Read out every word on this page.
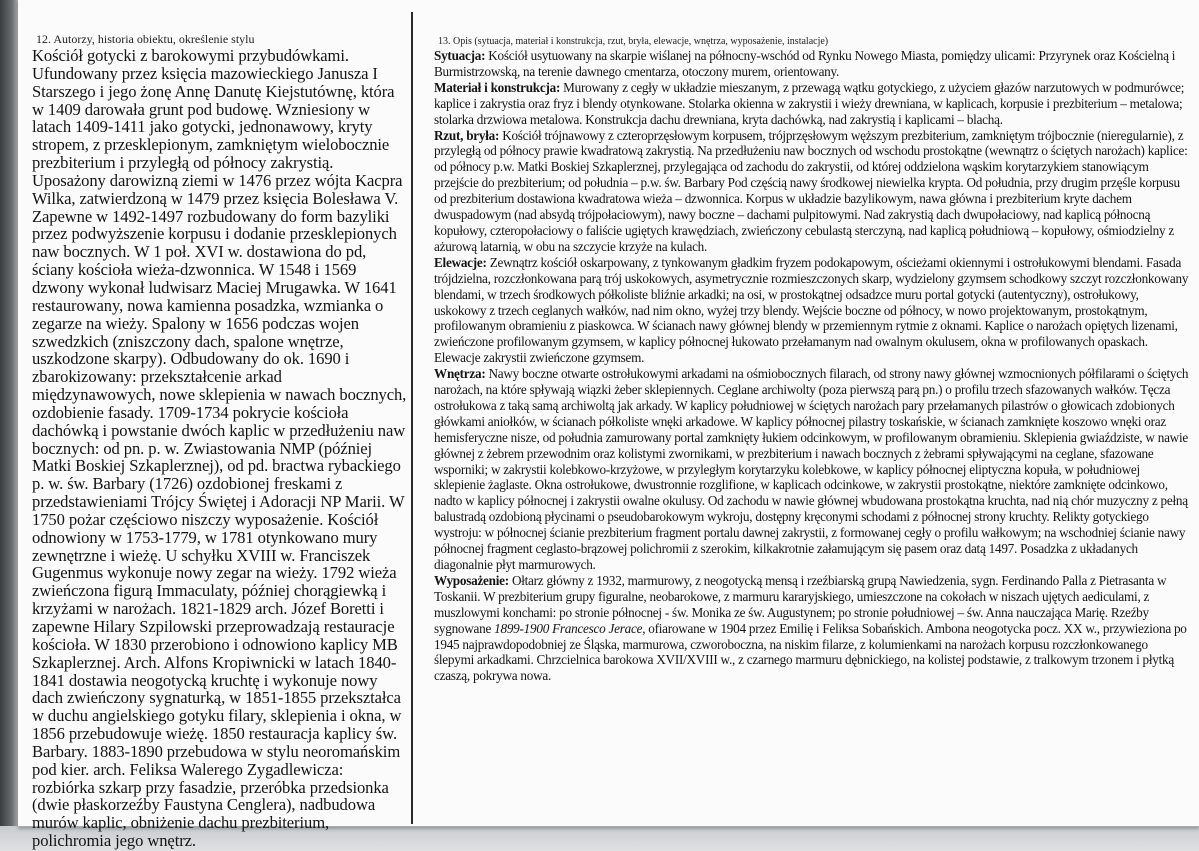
12. Autorzy, historia obiektu, określenie stylu

Kościół gotycki z barokowymi przybudówkami. Ufundowany przez księcia mazowieckiego Janusza I Starszego i jego żonę Annę Danutę Kiejstutównę, która w 1409 darowała grunt pod budowę. Wzniesiony w latach 1409-1411 jako gotycki, jednonawowy, kryty stropem, z przesklepionym, zamkniętym wielobocznie prezbiterium i przyległą od północy zakrystią. Uposażony darowizną ziemi w 1476 przez wójta Kacpra Wilka, zatwierdzoną w 1479 przez księcia Bolesława V. Zapewne w 1492-1497 rozbudowany do form bazyliki przez podwyższenie korpusu i dodanie przesklepionych naw bocznych. W 1 poł. XVI w. dostawiona do pd, ściany kościoła wieża-dzwonnica. W 1548 i 1569 dzwony wykonał ludwisarz Maciej Mrugawka. W 1641 restaurowany, nowa kamienna posadzka, wzmianka o zegarze na wieży. Spalony w 1656 podczas wojen szwedzkich (zniszczony dach, spalone wnętrze, uszkodzone skarpy). Odbudowany do ok. 1690 i zbarokizowany: przekształcenie arkad międzynawowych, nowe sklepienia w nawach bocznych, ozdobienie fasady. 1709-1734 pokrycie kościoła dachówką i powstanie dwóch kaplic w przedłużeniu naw bocznych: od pn. p. w. Zwiastowania NMP (później Matki Boskiej Szkaplerznej), od pd. bractwa rybackiego p. w. św. Barbary (1726) ozdobionej freskami z przedstawieniami Trójcy Świętej i Adoracji NP Marii. W 1750 pożar częściowo niszczy wyposażenie. Kościół odnowiony w 1753-1779, w 1781 otynkowano mury zewnętrzne i wieżę. U schyłku XVIII w. Franciszek Gugenmus wykonuje nowy zegar na wieży. 1792 wieża zwieńczona figurą Immaculaty, później chorągiewką i krzyżami w narożach. 1821-1829 arch. Józef Boretti i zapewne Hilary Szpilowski przeprowadzają restauracje kościoła. W 1830 przerobiono i odnowiono kaplicy MB Szkaplerznej. Arch. Alfons Kropiwnicki w latach 1840-1841 dostawia neogotycką kruchtę i wykonuje nowy dach zwieńczony sygnaturką, w 1851-1855 przekształca w duchu angielskiego gotyku filary, sklepienia i okna, w 1856 przebudowuje wieżę. 1850 restauracja kaplicy św. Barbary. 1883-1890 przebudowa w stylu neoromańskim pod kier. arch. Feliksa Walerego Zygadlewicza: rozbiórka szkarp przy fasadzie, przeróbka przedsionka (dwie płaskorzeźby Faustyna Cenglera), nadbudowa murów kaplic, obniżenie dachu prezbiterium, polichromia jego wnętrz.

13. Opis (sytuacja, materiał i konstrukcja, rzut, bryła, elewacje, wnętrza, wyposażenie, instalacje)

Sytuacja: Kościół usytuowany na skarpie wiślanej na północny-wschód od Rynku Nowego Miasta, pomiędzy ulicami: Przyrynek oraz Kościelną i Burmistrzowską, na terenie dawnego cmentarza, otoczony murem, orientowany.

Materiał i konstrukcja: Murowany z cegły w układzie mieszanym, z przewagą wątku gotyckiego, z użyciem głazów narzutowych w podmurówce; kaplice i zakrystia oraz fryz i blendy otynkowane. Stolarka okienna w zakrystii i wieży drewniana, w kaplicach, korpusie i prezbiterium – metalowa; stolarka drzwiowa metalowa. Konstrukcja dachu drewniana, kryta dachówką, nad zakrystią i kaplicami – blachą.

Rzut, bryła: Kościół trójnawowy z czteroprzęsłowym korpusem, trójprzęsłowym węższym prezbiterium, zamkniętym trójbocznie (nieregularnie), z przyległą od północy prawie kwadratową zakrystią. Na przedłużeniu naw bocznych od wschodu prostokątne (wewnątrz o ściętych narożach) kaplice: od północy p.w. Matki Boskiej Szkaplerznej, przylegająca od zachodu do zakrystii, od której oddzielona wąskim korytarzykiem stanowiącym przejście do prezbiterium; od południa – p.w. św. Barbary Pod częścią nawy środkowej niewielka krypta. Od południa, przy drugim przęśle korpusu od prezbiterium dostawiona kwadratowa wieża – dzwonnica. Korpus w układzie bazylikowym, nawa główna i prezbiterium kryte dachem dwuspadowym (nad absydą trójpołaciowym), nawy boczne – dachami pulpitowymi. Nad zakrystią dach dwupołaciowy, nad kaplicą północną kopułowy, czteropołaciowy o faliście ugiętych krawędziach, zwieńczony cebulastą sterczyną, nad kaplicą południową – kopułowy, ośmiodzielny z ażurową latarnią, w obu na szczycie krzyże na kulach.

Elewacje: Zewnątrz kościół oskarpowany, z tynkowanym gładkim fryzem podokapowym, ościeżami okiennymi i ostrołukowymi blendami. Fasada trójdzielna, rozczłonkowana parą trój uskokowych, asymetrycznie rozmieszczonych skarp, wydzielony gzymsem schodkowy szczyt rozczłonkowany blendami, w trzech środkowych półkoliste bliźnie arkadki; na osi, w prostokątnej odsadzce muru portal gotycki (autentyczny), ostrołukowy, uskokowy z trzech ceglanych wałków, nad nim okno, wyżej trzy blendy. Wejście boczne od północy, w nowo projektowanym, prostokątnym, profilowanym obramieniu z piaskowca. W ścianach nawy głównej blendy w przemiennym rytmie z oknami. Kaplice o narożach opiętych lizenami, zwieńczone profilowanym gzymsem, w kaplicy północnej łukowato przełamanym nad owalnym okulusem, okna w profilowanych opaskach. Elewacje zakrystii zwieńczone gzymsem.

Wnętrza: Nawy boczne otwarte ostrołukowymi arkadami na ośmiobocznych filarach, od strony nawy głównej wzmocnionych półfilarami o ściętych narożach, na które spływają wiązki żeber sklepiennych. Ceglane archiwolty (poza pierwszą parą pn.) o profilu trzech sfazowanych wałków. Tęcza ostrołukowa z taką samą archiwoltą jak arkady. W kaplicy południowej w ściętych narożach pary przełamanych pilastrów o głowicach zdobionych główkami aniołków, w ścianach półkoliste wnęki arkadowe. W kaplicy północnej pilastry toskańskie, w ścianach zamknięte koszowo wnęki oraz hemisferyczne nisze, od południa zamurowany portal zamknięty łukiem odcinkowym, w profilowanym obramieniu. Sklepienia gwiaździste, w nawie głównej z żebrem przewodnim oraz kolistymi zwornikami, w prezbiterium i nawach bocznych z żebrami spływającymi na ceglane, sfazowane wsporniki; w zakrystii kolebkowo-krzyżowe, w przyległym korytarzyku kolebkowe, w kaplicy północnej eliptyczna kopuła, w południowej sklepienie żaglaste. Okna ostrołukowe, dwustronnie rozglifione, w kaplicach odcinkowe, w zakrystii prostokątne, niektóre zamknięte odcinkowo, nadto w kaplicy północnej i zakrystii owalne okulusy. Od zachodu w nawie głównej wbudowana prostokątna kruchta, nad nią chór muzyczny z pełną balustradą ozdobioną płycinami o pseudobarokowym wykroju, dostępny kręconymi schodami z północnej strony kruchty. Relikty gotyckiego wystroju: w północnej ścianie prezbiterium fragment portalu dawnej zakrystii, z formowanej cegły o profilu wałkowym; na wschodniej ścianie nawy północnej fragment ceglasto-brązowej polichromii z szerokim, kilkakrotnie załamującym się pasem oraz datą 1497. Posadzka z układanych diagonalnie płyt marmurowych.

Wyposażenie: Ołtarz główny z 1932, marmurowy, z neogotycką mensą i rzeźbiarską grupą Nawiedzenia, sygn. Ferdinando Palla z Pietrasanta w Toskanii. W prezbiterium grupy figuralne, neobarokowe, z marmuru kararyjskiego, umieszczone na cokołach w niszach ujętych aediculami, z muszlowymi konchami: po stronie północnej - św. Monika ze św. Augustynem; po stronie południowej – św. Anna nauczająca Marię. Rzeźby sygnowane 1899-1900 Francesco Jerace, ofiarowane w 1904 przez Emilię i Feliksa Sobańskich. Ambona neogotycka pocz. XX w., przywieziona po 1945 najprawdopodobniej ze Śląska, marmurowa, czworoboczna, na niskim filarze, z kolumienkami na narożach korpusu rozczłonkowanego ślepymi arkadkami. Chrzcielnica barokowa XVII/XVIII w., z czarnego marmuru dębnickiego, na kolistej podstawie, z tralkowym trzonem i płytką czaszą, pokrywa nowa.
